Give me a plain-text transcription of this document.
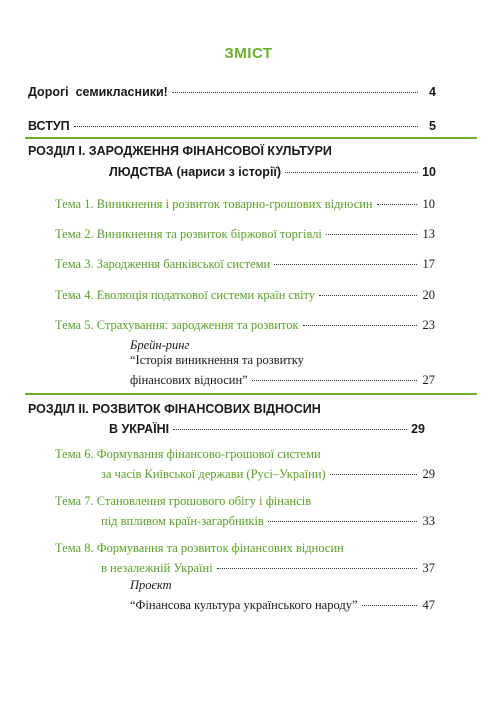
ЗМІСТ
Дорогі  семикласники!	4
ВСТУП	5
РОЗДІЛ І. ЗАРОДЖЕННЯ ФІНАНСОВОЇ КУЛЬТУРИ
ЛЮДСТВА (нариси з історії)	10
Тема 1. Виникнення і розвиток товарно-грошових відносин	10
Тема 2. Виникнення та розвиток біржової торгівлі	13
Тема 3. Зародження банківської системи	17
Тема 4. Еволюція податкової системи країн світу	20
Тема 5. Страхування: зародження та розвиток	23
Брейн-ринг
“Історія виникнення та розвитку
фінансових відносин”	27
РОЗДІЛ ІІ. РОЗВИТОК ФІНАНСОВИХ ВІДНОСИН
В УКРАЇНІ	29
Тема 6. Формування фінансово-грошової системи
за часів Київської держави (Русі–України)	29
Тема 7. Становлення грошового обігу і фінансів
під впливом країн-загарбників	33
Тема 8. Формування та розвиток фінансових відносин
в незалежній Україні	37
Проєкт
“Фінансова культура українського народу”	47
